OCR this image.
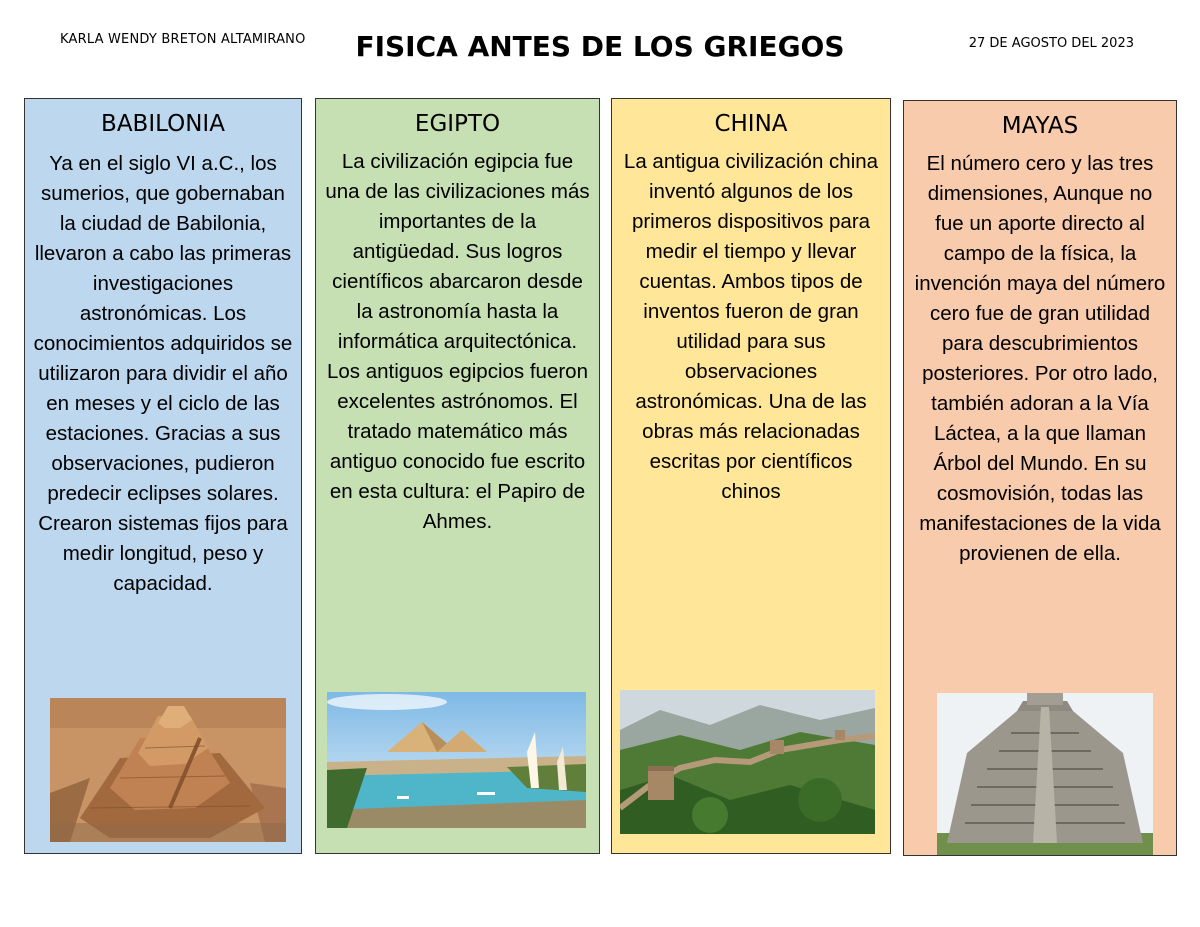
KARLA WENDY BRETON ALTAMIRANO	FISICA ANTES DE LOS GRIEGOS	27 DE AGOSTO DEL 2023
BABILONIA
Ya en el siglo VI a.C., los sumerios, que gobernaban la ciudad de Babilonia, llevaron a cabo las primeras investigaciones astronómicas. Los conocimientos adquiridos se utilizaron para dividir el año en meses y el ciclo de las estaciones. Gracias a sus observaciones, pudieron predecir eclipses solares. Crearon sistemas fijos para medir longitud, peso y capacidad.
EGIPTO
La civilización egipcia fue una de las civilizaciones más importantes de la antigüedad. Sus logros científicos abarcaron desde la astronomía hasta la informática arquitectónica. Los antiguos egipcios fueron excelentes astrónomos. El tratado matemático más antiguo conocido fue escrito en esta cultura: el Papiro de Ahmes.
CHINA
La antigua civilización china inventó algunos de los primeros dispositivos para medir el tiempo y llevar cuentas. Ambos tipos de inventos fueron de gran utilidad para sus observaciones astronómicas. Una de las obras más relacionadas escritas por científicos chinos
MAYAS
El número cero y las tres dimensiones, Aunque no fue un aporte directo al campo de la física, la invención maya del número cero fue de gran utilidad para descubrimientos posteriores. Por otro lado, también adoran a la Vía Láctea, a la que llaman Árbol del Mundo. En su cosmovisión, todas las manifestaciones de la vida provienen de ella.
